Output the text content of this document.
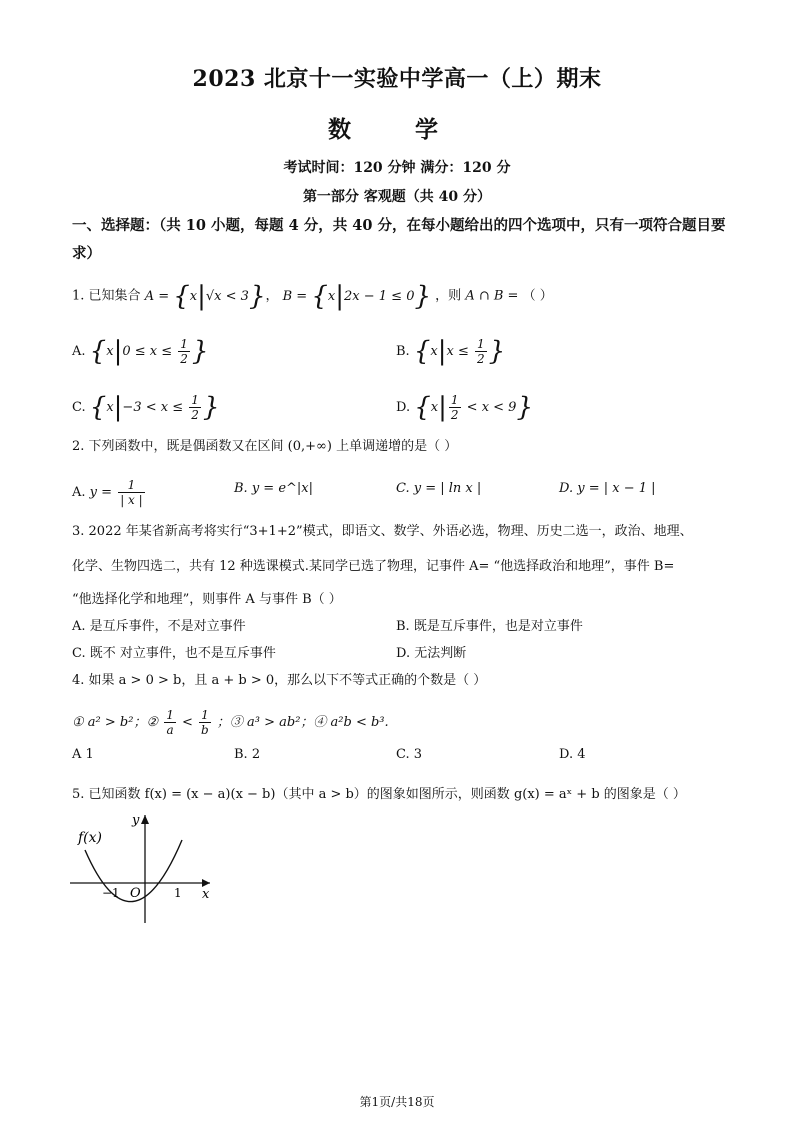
2023 北京十一实验中学高一（上）期末
数 学
考试时间：120 分钟 满分：120 分
第一部分 客观题（共 40 分）
一、选择题：（共 10 小题，每题 4 分，共 40 分，在每小题给出的四个选项中，只有一项符合题目要求）
1. 已知集合 A = {x|√x < 3}， B = {x|2x − 1 ≤ 0} ，则 A ∩ B = （ ）
A. {$x|0 \le x \le \frac{1}{2}$ }	B. {$x|x \le \frac{1}{2}$ }
C. {$x|-3 < x \le \frac{1}{2}$ }	D. $\{x| \frac{1}{2} < x < 9\}$
2. 下列函数中，既是偶函数又在区间 (0,+∞) 上单调递增的是（ ）
A. $y = \frac{1}{| x |}$	B. y = e^|x|	C. y = | ln x |	D. y = | x − 1 |
3. 2022 年某省新高考将实行“3+1+2”模式，即语文、数学、外语必选，物理、历史二选一，政治、地理、
化学、生物四选二，共有 12 种选课模式.某同学已选了物理，记事件 A= “他选择政治和地理”，事件 B=
“他选择化学和地理”，则事件 A 与事件 B（ ）
A. 是互斥事件，不是对立事件	B. 既是互斥事件，也是对立事件
C. 既不 对立事件，也不是互斥事件	D. 无法判断
4. 如果 a > 0 > b，且 a + b > 0，那么以下不等式正确的个数是（ ）
① a² > b²；② $\frac{1}{a} < \frac{1}{b}$ ；③ a³ > ab²；④ a²b < b³.
A 1	B. 2	C. 3	D. 4
5. 已知函数 f(x) = (x − a)(x − b)（其中 a > b）的图象如图所示，则函数 g(x) = aˣ + b 的图象是（ ）
f(x)
y
x
O
−1	1
第1页/共18页
